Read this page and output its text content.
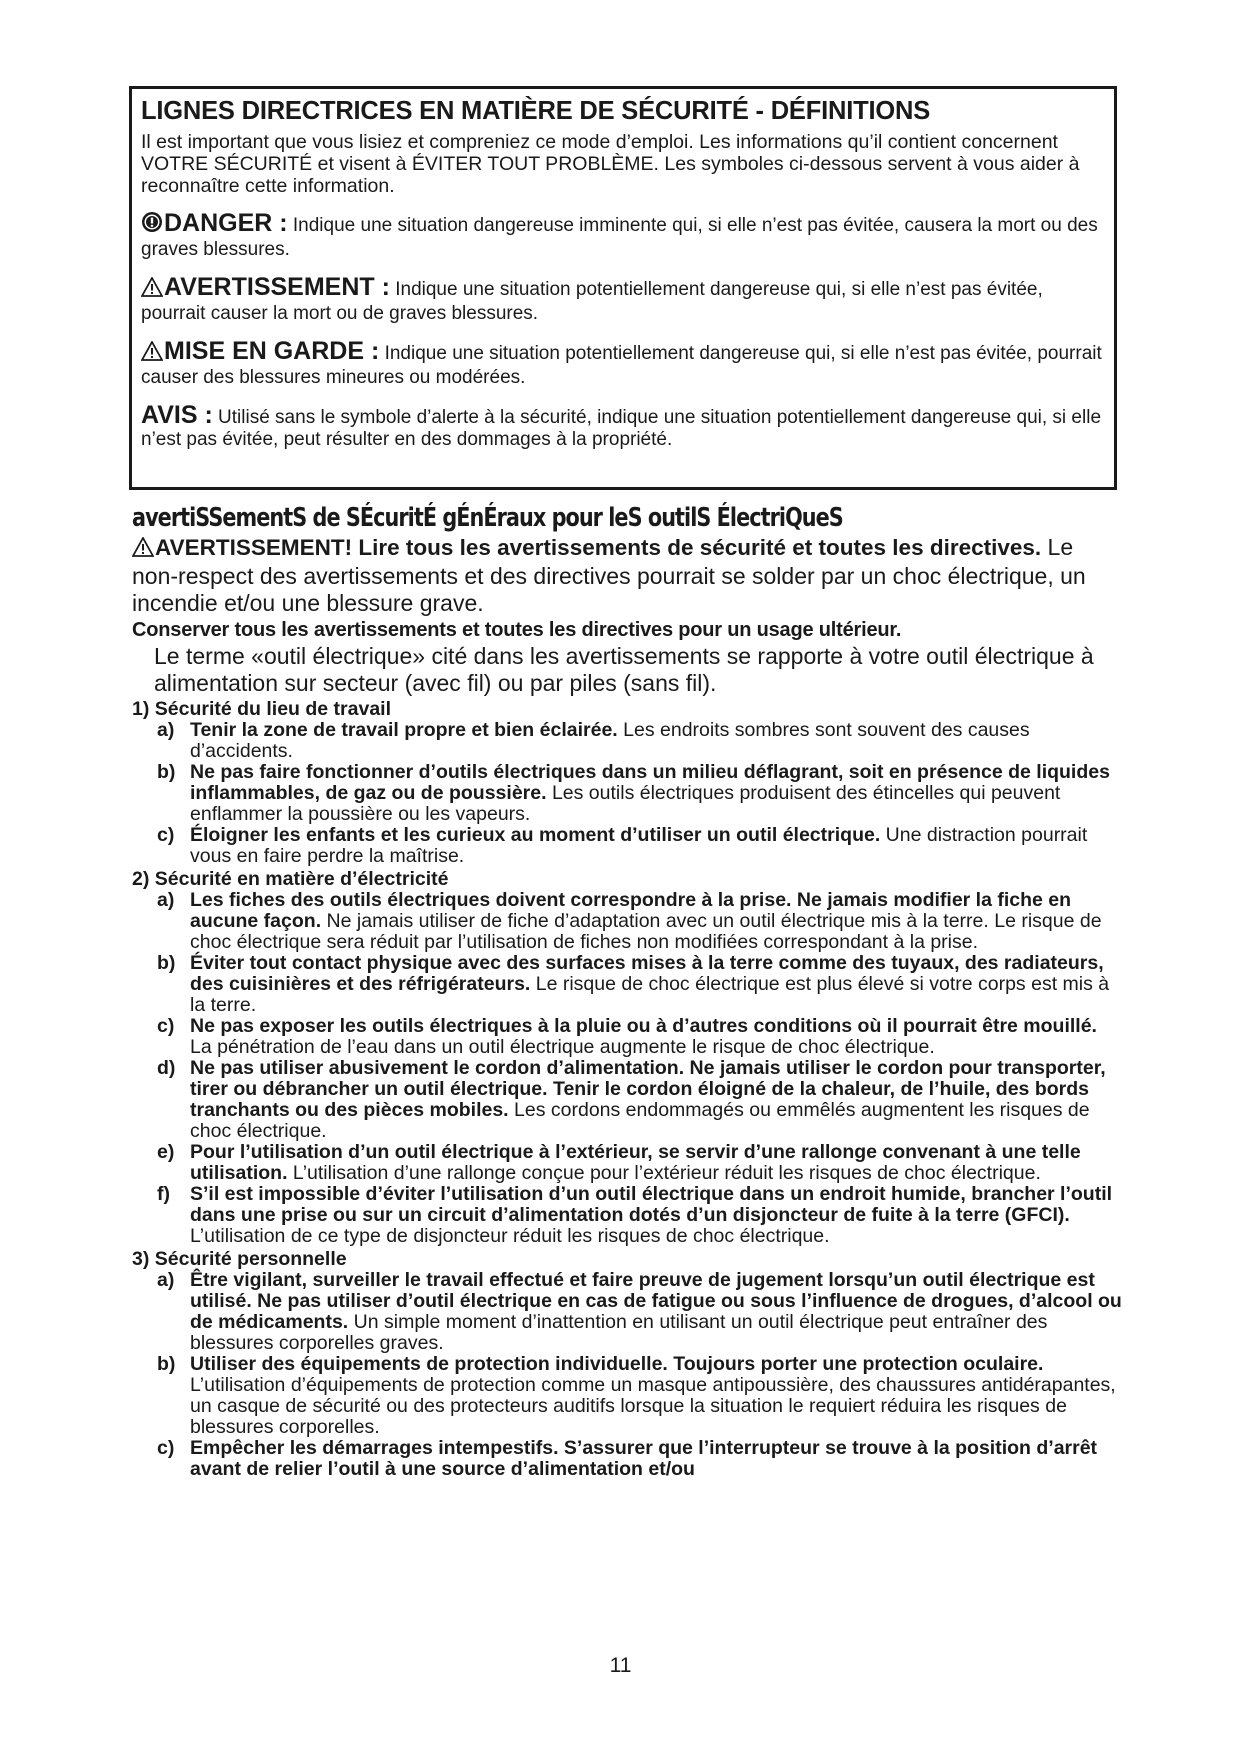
LIGNES DIRECTRICES EN MATIÈRE DE SÉCURITÉ - DÉFINITIONS

Il est important que vous lisiez et compreniez ce mode d’emploi. Les informations qu’il contient concernent VOTRE SÉCURITÉ et visent à ÉVITER TOUT PROBLÈME. Les symboles ci-dessous servent à vous aider à reconnaître cette information.

DANGER : Indique une situation dangereuse imminente qui, si elle n’est pas évitée, causera la mort ou des graves blessures.

AVERTISSEMENT : Indique une situation potentiellement dangereuse qui, si elle n’est pas évitée, pourrait causer la mort ou de graves blessures.

MISE EN GARDE : Indique une situation potentiellement dangereuse qui, si elle n’est pas évitée, pourrait causer des blessures mineures ou modérées.

AVIS : Utilisé sans le symbole d’alerte à la sécurité, indique une situation potentiellement dangereuse qui, si elle n’est pas évitée, peut résulter en des dommages à la propriété.

avertiSSementS de SÉcuritÉ gÉnÉraux pour leS outilS ÉlectriQueS

AVERTISSEMENT! Lire tous les avertissements de sécurité et toutes les directives. Le non-respect des avertissements et des directives pourrait se solder par un choc électrique, un incendie et/ou une blessure grave.

Conserver tous les avertissements et toutes les directives pour un usage ultérieur.

Le terme «outil électrique» cité dans les avertissements se rapporte à votre outil électrique à alimentation sur secteur (avec fil) ou par piles (sans fil).

1) Sécurité du lieu de travail

a) Tenir la zone de travail propre et bien éclairée. Les endroits sombres sont souvent des causes d’accidents.

b) Ne pas faire fonctionner d’outils électriques dans un milieu déflagrant, soit en présence de liquides inflammables, de gaz ou de poussière. Les outils électriques produisent des étincelles qui peuvent enflammer la poussière ou les vapeurs.

c) Éloigner les enfants et les curieux au moment d’utiliser un outil électrique. Une distraction pourrait vous en faire perdre la maîtrise.

2) Sécurité en matière d’électricité

a) Les fiches des outils électriques doivent correspondre à la prise. Ne jamais modifier la fiche en aucune façon. Ne jamais utiliser de fiche d’adaptation avec un outil électrique mis à la terre. Le risque de choc électrique sera réduit par l’utilisation de fiches non modifiées correspondant à la prise.

b) Éviter tout contact physique avec des surfaces mises à la terre comme des tuyaux, des radiateurs, des cuisinières et des réfrigérateurs. Le risque de choc électrique est plus élevé si votre corps est mis à la terre.

c) Ne pas exposer les outils électriques à la pluie ou à d’autres conditions où il pourrait être mouillé. La pénétration de l’eau dans un outil électrique augmente le risque de choc électrique.

d) Ne pas utiliser abusivement le cordon d’alimentation. Ne jamais utiliser le cordon pour transporter, tirer ou débrancher un outil électrique. Tenir le cordon éloigné de la chaleur, de l’huile, des bords tranchants ou des pièces mobiles. Les cordons endommagés ou emmêlés augmentent les risques de choc électrique.

e) Pour l’utilisation d’un outil électrique à l’extérieur, se servir d’une rallonge convenant à une telle utilisation. L’utilisation d’une rallonge conçue pour l’extérieur réduit les risques de choc électrique.

f) S’il est impossible d’éviter l’utilisation d’un outil électrique dans un endroit humide, brancher l’outil dans une prise ou sur un circuit d’alimentation dotés d’un disjoncteur de fuite à la terre (GFCI). L’utilisation de ce type de disjoncteur réduit les risques de choc électrique.

3) Sécurité personnelle

a) Être vigilant, surveiller le travail effectué et faire preuve de jugement lorsqu’un outil électrique est utilisé. Ne pas utiliser d’outil électrique en cas de fatigue ou sous l’influence de drogues, d’alcool ou de médicaments. Un simple moment d’inattention en utilisant un outil électrique peut entraîner des blessures corporelles graves.

b) Utiliser des équipements de protection individuelle. Toujours porter une protection oculaire. L’utilisation d’équipements de protection comme un masque antipoussière, des chaussures antidérapantes, un casque de sécurité ou des protecteurs auditifs lorsque la situation le requiert réduira les risques de blessures corporelles.

c) Empêcher les démarrages intempestifs. S’assurer que l’interrupteur se trouve à la position d’arrêt avant de relier l’outil à une source d’alimentation et/ou

11
